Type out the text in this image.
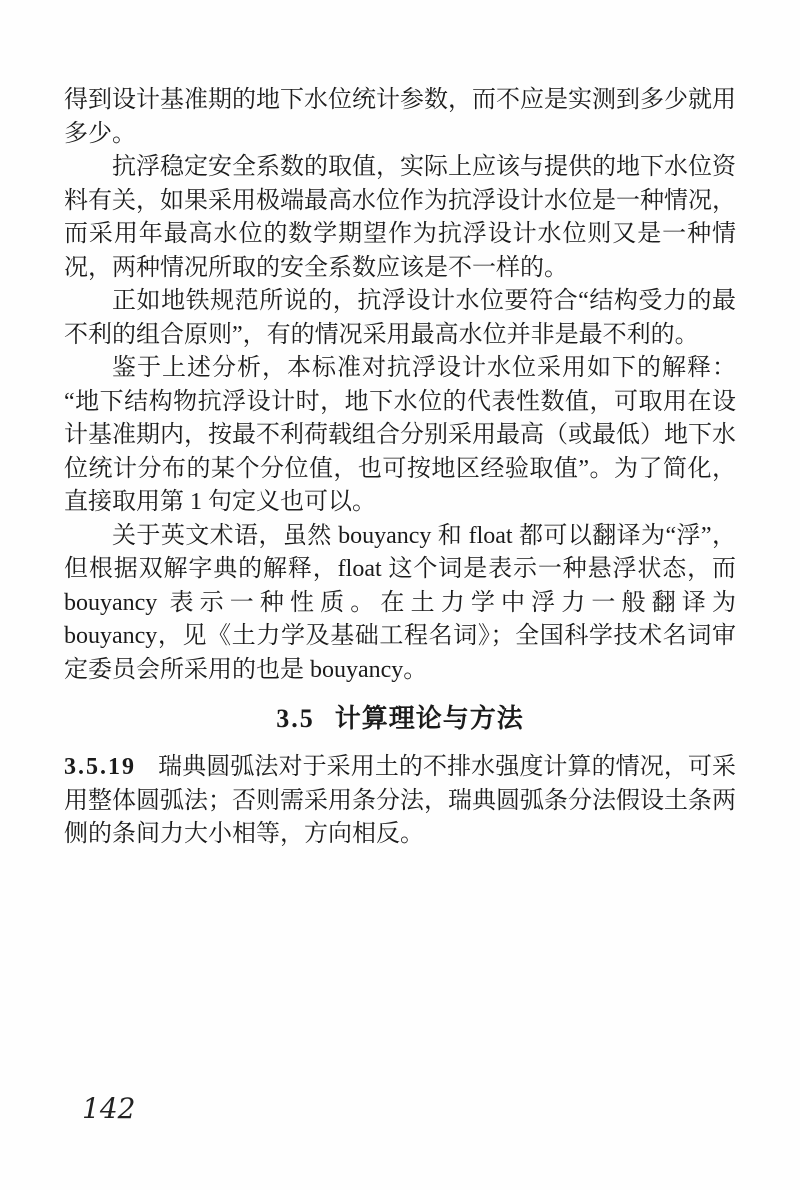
得到设计基准期的地下水位统计参数，而不应是实测到多少就用多少。

抗浮稳定安全系数的取值，实际上应该与提供的地下水位资料有关，如果采用极端最高水位作为抗浮设计水位是一种情况，而采用年最高水位的数学期望作为抗浮设计水位则又是一种情况，两种情况所取的安全系数应该是不一样的。

正如地铁规范所说的，抗浮设计水位要符合“结构受力的最不利的组合原则”，有的情况采用最高水位并非是最不利的。

鉴于上述分析，本标准对抗浮设计水位采用如下的解释：“地下结构物抗浮设计时，地下水位的代表性数值，可取用在设计基准期内，按最不利荷载组合分别采用最高（或最低）地下水位统计分布的某个分位值，也可按地区经验取值”。为了简化，直接取用第 1 句定义也可以。

关于英文术语，虽然 bouyancy 和 float 都可以翻译为“浮”，但根据双解字典的解释，float 这个词是表示一种悬浮状态，而 bouyancy 表示一种性质。在土力学中浮力一般翻译为 bouyancy，见《土力学及基础工程名词》；全国科学技术名词审定委员会所采用的也是 bouyancy。

3.5 计算理论与方法

3.5.19 瑞典圆弧法对于采用土的不排水强度计算的情况，可采用整体圆弧法；否则需采用条分法，瑞典圆弧条分法假设土条两侧的条间力大小相等，方向相反。

142
